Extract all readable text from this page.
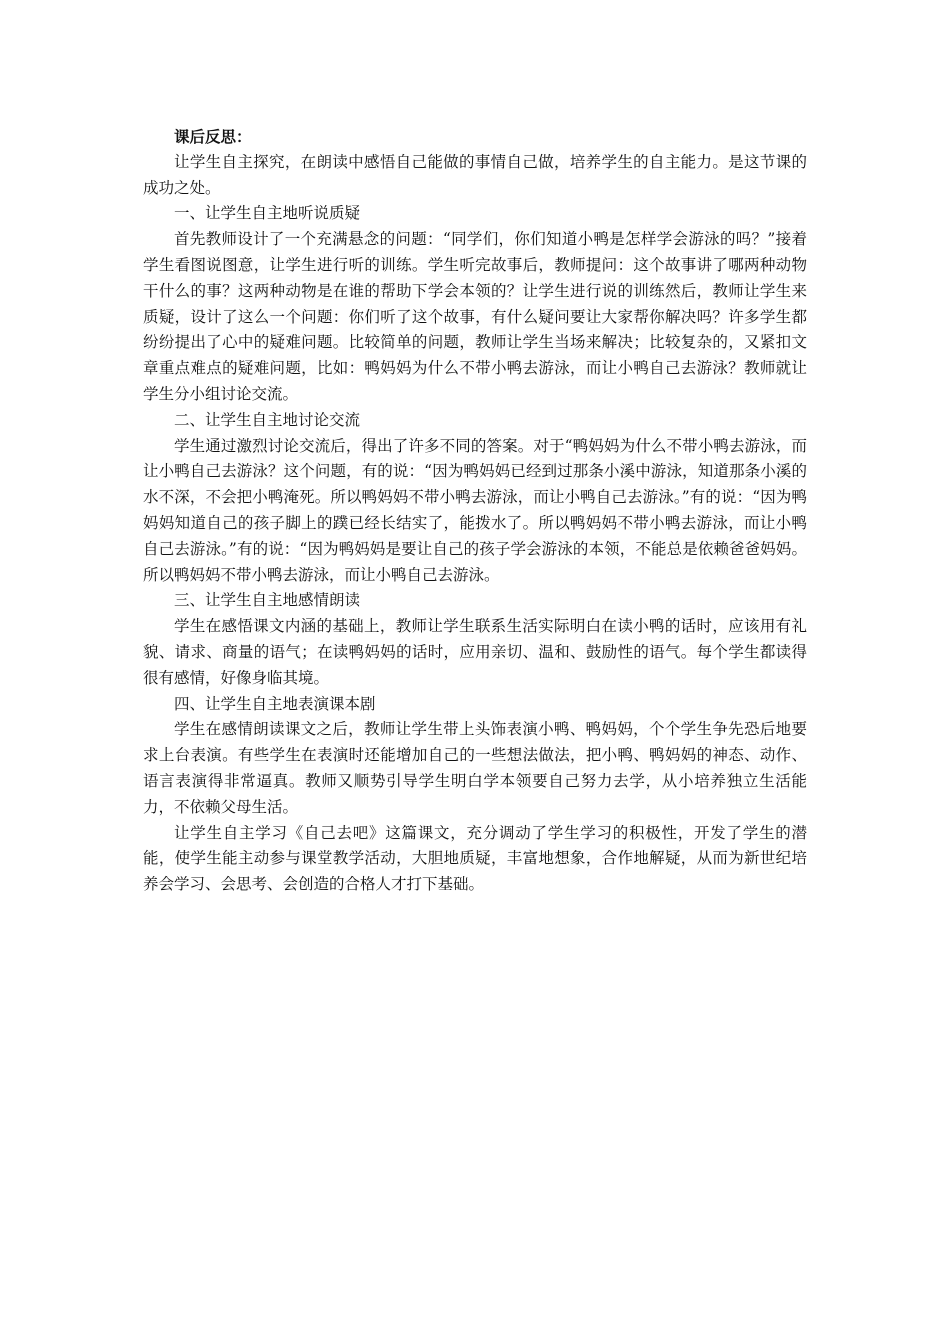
课后反思：

让学生自主探究，在朗读中感悟自己能做的事情自己做，培养学生的自主能力。是这节课的成功之处。

一、让学生自主地听说质疑

首先教师设计了一个充满悬念的问题：“同学们，你们知道小鸭是怎样学会游泳的吗？”接着学生看图说图意，让学生进行听的训练。学生听完故事后，教师提问：这个故事讲了哪两种动物干什么的事？这两种动物是在谁的帮助下学会本领的？让学生进行说的训练然后，教师让学生来质疑，设计了这么一个问题：你们听了这个故事，有什么疑问要让大家帮你解决吗？许多学生都纷纷提出了心中的疑难问题。比较简单的问题，教师让学生当场来解决；比较复杂的，又紧扣文章重点难点的疑难问题，比如：鸭妈妈为什么不带小鸭去游泳，而让小鸭自己去游泳？教师就让学生分小组讨论交流。

二、让学生自主地讨论交流

学生通过激烈讨论交流后，得出了许多不同的答案。对于“鸭妈妈为什么不带小鸭去游泳，而让小鸭自己去游泳？这个问题，有的说：“因为鸭妈妈已经到过那条小溪中游泳，知道那条小溪的水不深，不会把小鸭淹死。所以鸭妈妈不带小鸭去游泳，而让小鸭自己去游泳。”有的说：“因为鸭妈妈知道自己的孩子脚上的蹼已经长结实了，能拨水了。所以鸭妈妈不带小鸭去游泳，而让小鸭自己去游泳。”有的说：“因为鸭妈妈是要让自己的孩子学会游泳的本领，不能总是依赖爸爸妈妈。所以鸭妈妈不带小鸭去游泳，而让小鸭自己去游泳。

三、让学生自主地感情朗读

学生在感悟课文内涵的基础上，教师让学生联系生活实际明白在读小鸭的话时，应该用有礼貌、请求、商量的语气；在读鸭妈妈的话时，应用亲切、温和、鼓励性的语气。每个学生都读得很有感情，好像身临其境。

四、让学生自主地表演课本剧

学生在感情朗读课文之后，教师让学生带上头饰表演小鸭、鸭妈妈，个个学生争先恐后地要求上台表演。有些学生在表演时还能增加自己的一些想法做法，把小鸭、鸭妈妈的神态、动作、语言表演得非常逼真。教师又顺势引导学生明白学本领要自己努力去学，从小培养独立生活能力，不依赖父母生活。

让学生自主学习《自己去吧》这篇课文，充分调动了学生学习的积极性，开发了学生的潜能，使学生能主动参与课堂教学活动，大胆地质疑，丰富地想象，合作地解疑，从而为新世纪培养会学习、会思考、会创造的合格人才打下基础。
